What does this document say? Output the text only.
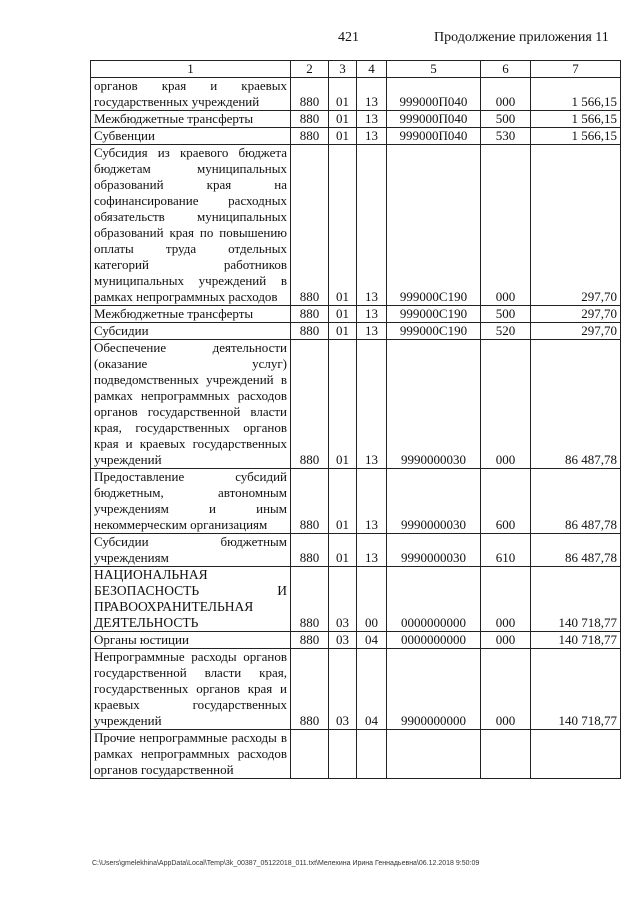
421	Продолжение приложения 11
1	2	3	4	5	6	7
органов края и краевых государственных учреждений	880	01	13	999000П040	000	1 566,15
Межбюджетные трансферты	880	01	13	999000П040	500	1 566,15
Субвенции	880	01	13	999000П040	530	1 566,15
Субсидия из краевого бюджета бюджетам муниципальных образований края на софинансирование расходных обязательств муниципальных образований края по повышению оплаты труда отдельных категорий работников муниципальных учреждений в рамках непрограммных расходов	880	01	13	999000С190	000	297,70
Межбюджетные трансферты	880	01	13	999000С190	500	297,70
Субсидии	880	01	13	999000С190	520	297,70
Обеспечение деятельности (оказание услуг) подведомственных учреждений в рамках непрограммных расходов органов государственной власти края, государственных органов края и краевых государственных учреждений	880	01	13	9990000030	000	86 487,78
Предоставление субсидий бюджетным, автономным учреждениям и иным некоммерческим организациям	880	01	13	9990000030	600	86 487,78
Субсидии бюджетным учреждениям	880	01	13	9990000030	610	86 487,78
НАЦИОНАЛЬНАЯ БЕЗОПАСНОСТЬ И ПРАВООХРАНИТЕЛЬНАЯ ДЕЯТЕЛЬНОСТЬ	880	03	00	0000000000	000	140 718,77
Органы юстиции	880	03	04	0000000000	000	140 718,77
Непрограммные расходы органов государственной власти края, государственных органов края и краевых государственных учреждений	880	03	04	9900000000	000	140 718,77
Прочие непрограммные расходы в рамках непрограммных расходов органов государственной						
C:\Users\gmelekhina\AppData\Local\Temp\3k_00387_05122018_011.txt\Мелехина Ирина Геннадьевна\06.12.2018 9:50:09
